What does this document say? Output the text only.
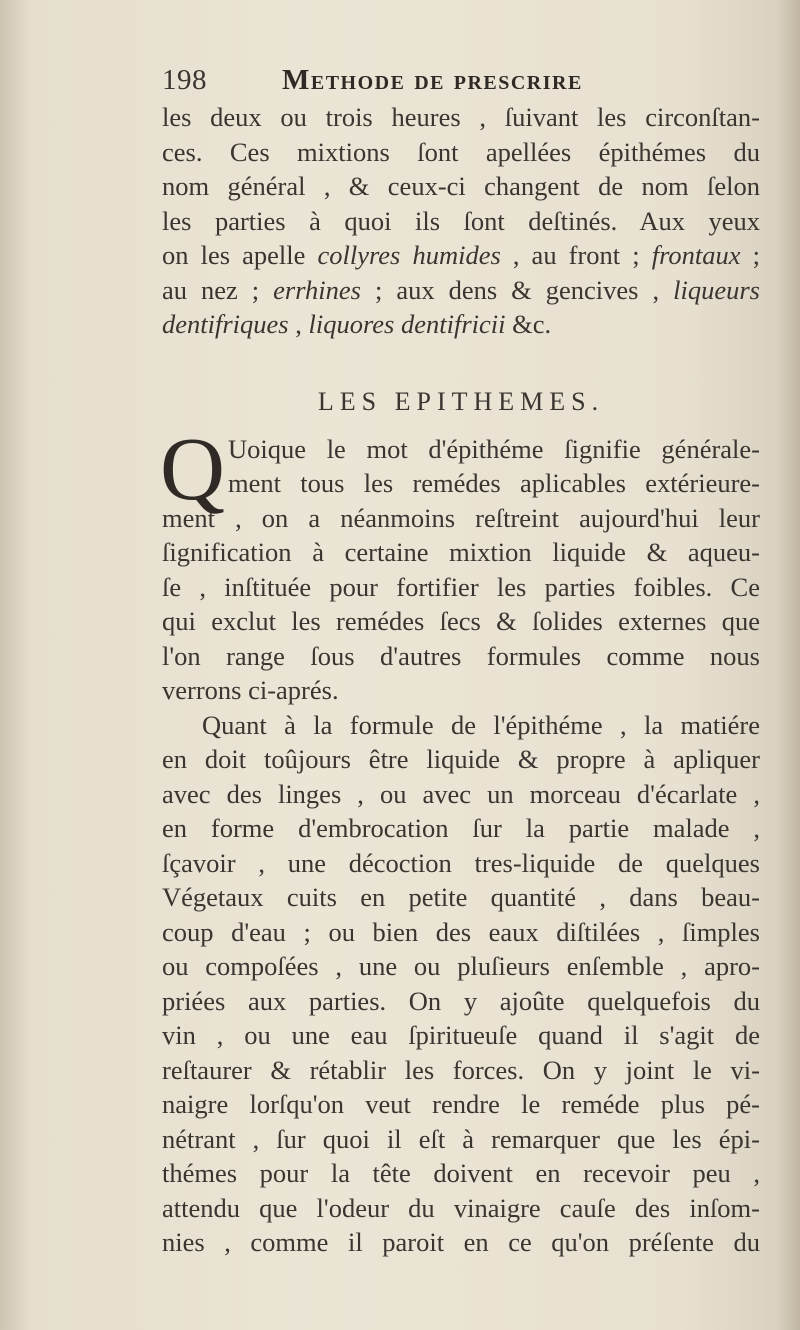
198	Methode de prescrire
les deux ou trois heures , ſuivant les circonſtan-
ces. Ces mixtions ſont apellées épithémes du
nom général , & ceux-ci changent de nom ſelon
les parties à quoi ils ſont deſtinés. Aux yeux
on les apelle collyres humides , au front ; frontaux ;
au nez ; errhines ; aux dens & gencives , liqueurs
dentifriques , liquores dentifricii &c.
LES EPITHEMES.
Q Uoique le mot d'épithéme ſignifie générale-
ment tous les remédes aplicables extérieure-
ment , on a néanmoins reſtreint aujourd'hui leur
ſignification à certaine mixtion liquide & aqueu-
ſe , inſtituée pour fortifier les parties foibles. Ce
qui exclut les remédes ſecs & ſolides externes que
l'on range ſous d'autres formules comme nous
verrons ci-aprés.
Quant à la formule de l'épithéme , la matiére
en doit toûjours être liquide & propre à apliquer
avec des linges , ou avec un morceau d'écarlate ,
en forme d'embrocation ſur la partie malade ,
ſçavoir , une décoction tres-liquide de quelques
Végetaux cuits en petite quantité , dans beau-
coup d'eau ; ou bien des eaux diſtilées , ſimples
ou compoſées , une ou pluſieurs enſemble , apro-
priées aux parties. On y ajoûte quelquefois du
vin , ou une eau ſpiritueuſe quand il s'agit de
reſtaurer & rétablir les forces. On y joint le vi-
naigre lorſqu'on veut rendre le reméde plus pé-
nétrant , ſur quoi il eſt à remarquer que les épi-
thémes pour la tête doivent en recevoir peu ,
attendu que l'odeur du vinaigre cauſe des inſom-
nies , comme il paroit en ce qu'on préſente du
